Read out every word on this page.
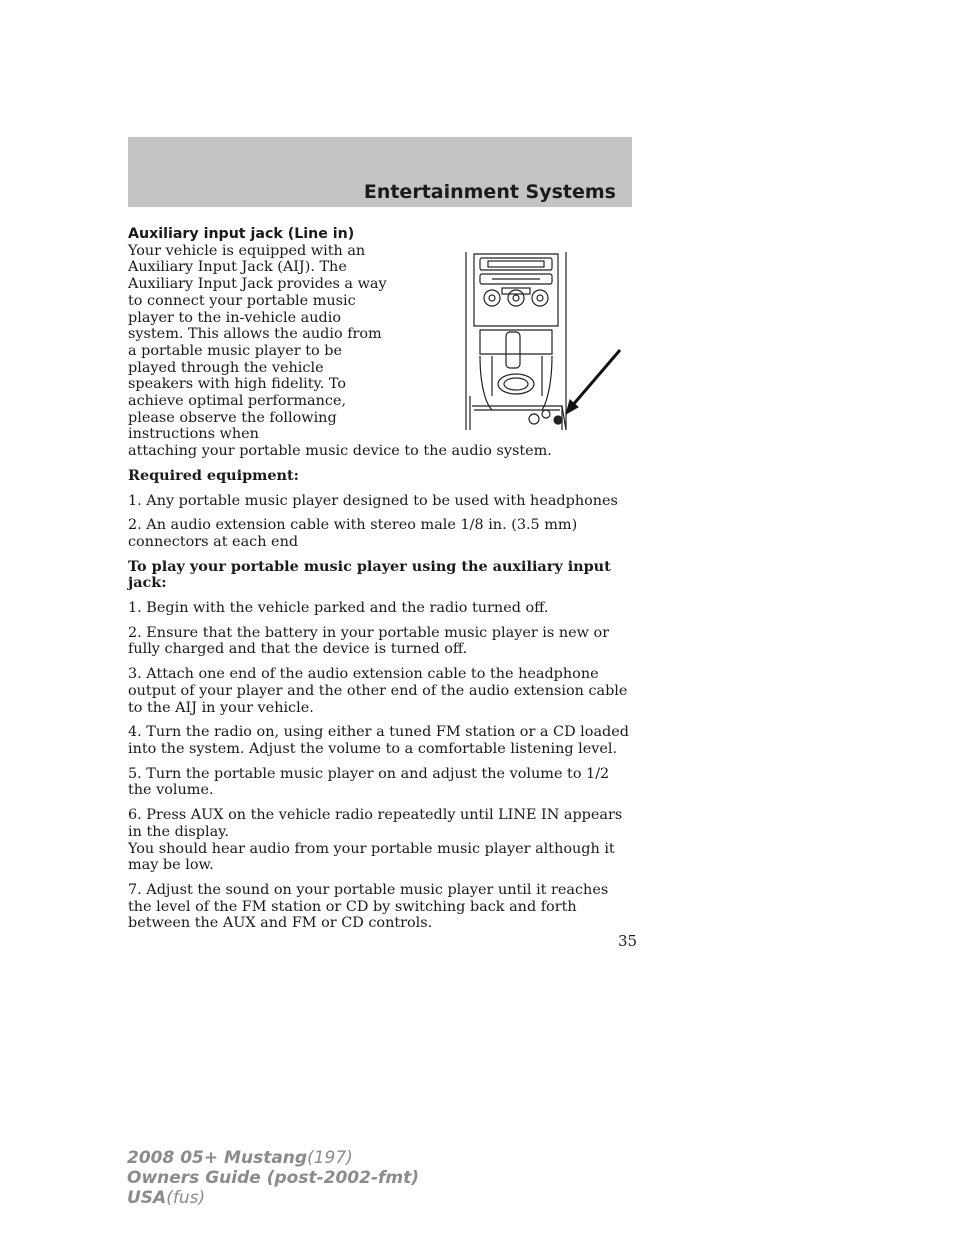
Entertainment Systems

Auxiliary input jack (Line in)

Your vehicle is equipped with an Auxiliary Input Jack (AIJ). The Auxiliary Input Jack provides a way to connect your portable music player to the in-vehicle audio system. This allows the audio from a portable music player to be played through the vehicle speakers with high fidelity. To achieve optimal performance, please observe the following instructions when

attaching your portable music device to the audio system.

Required equipment:

1. Any portable music player designed to be used with headphones

2. An audio extension cable with stereo male 1/8 in. (3.5 mm) connectors at each end

To play your portable music player using the auxiliary input jack:

1. Begin with the vehicle parked and the radio turned off.

2. Ensure that the battery in your portable music player is new or fully charged and that the device is turned off.

3. Attach one end of the audio extension cable to the headphone output of your player and the other end of the audio extension cable to the AIJ in your vehicle.

4. Turn the radio on, using either a tuned FM station or a CD loaded into the system. Adjust the volume to a comfortable listening level.

5. Turn the portable music player on and adjust the volume to 1/2 the volume.

6. Press AUX on the vehicle radio repeatedly until LINE IN appears in the display.

You should hear audio from your portable music player although it may be low.

7. Adjust the sound on your portable music player until it reaches the level of the FM station or CD by switching back and forth between the AUX and FM or CD controls.

35
2008 05+ Mustang(197)
Owners Guide (post-2002-fmt)
USA(fus)
